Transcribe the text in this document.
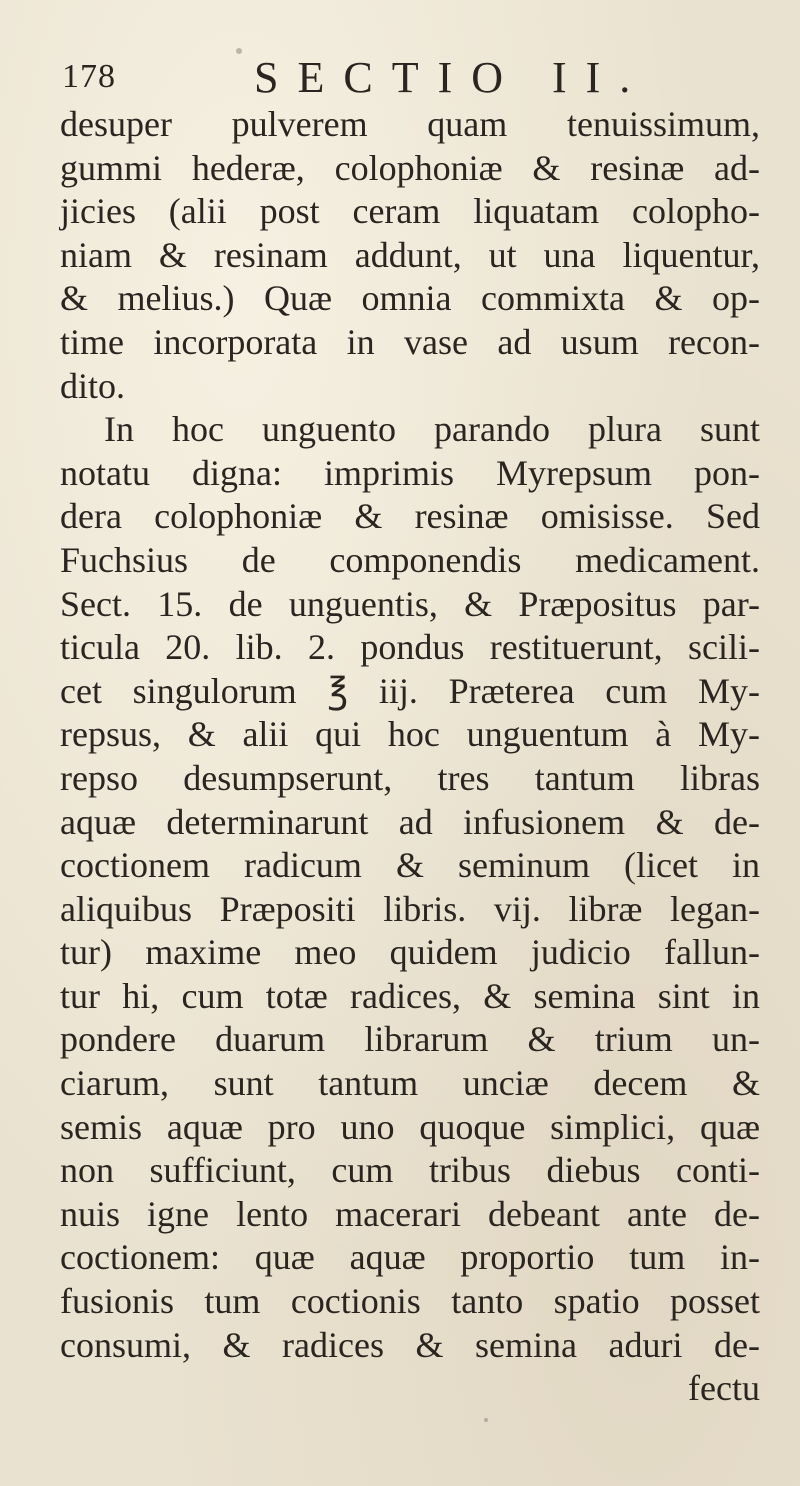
178	SECTIO II.
desuper pulverem quam tenuissimum,
gummi hederæ, colophoniæ & resinæ ad-
jicies (alii post ceram liquatam colopho-
niam & resinam addunt, ut una liquentur,
& melius.) Quæ omnia commixta & op-
time incorporata in vase ad usum recon-
dito.
In hoc unguento parando plura sunt
notatu digna: imprimis Myrepsum pon-
dera colophoniæ & resinæ omisisse. Sed
Fuchsius de componendis medicament.
Sect. 15. de unguentis, & Præpositus par-
ticula 20. lib. 2. pondus restituerunt, scili-
cet singulorum ℥ iij. Præterea cum My-
repsus, & alii qui hoc unguentum à My-
repso desumpserunt, tres tantum libras
aquæ determinarunt ad infusionem & de-
coctionem radicum & seminum (licet in
aliquibus Præpositi libris. vij. libræ legan-
tur) maxime meo quidem judicio fallun-
tur hi, cum totæ radices, & semina sint in
pondere duarum librarum & trium un-
ciarum, sunt tantum unciæ decem &
semis aquæ pro uno quoque simplici, quæ
non sufficiunt, cum tribus diebus conti-
nuis igne lento macerari debeant ante de-
coctionem: quæ aquæ proportio tum in-
fusionis tum coctionis tanto spatio posset
consumi, & radices & semina aduri de-
fectu
